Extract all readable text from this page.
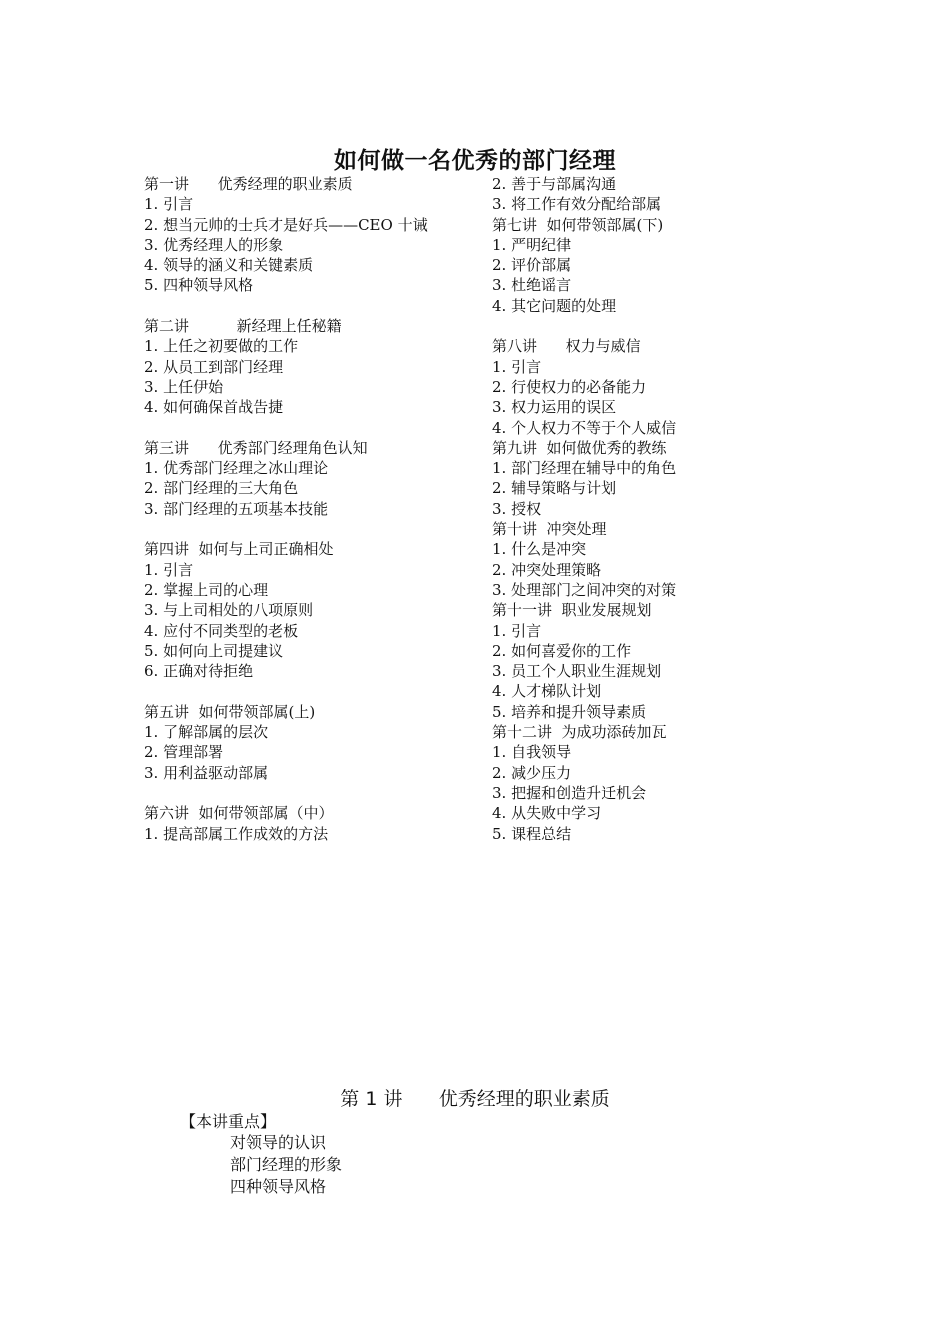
如何做一名优秀的部门经理
第一讲      优秀经理的职业素质
1. 引言
2. 想当元帅的士兵才是好兵——CEO 十诫
3. 优秀经理人的形象
4. 领导的涵义和关键素质
5. 四种领导风格
第二讲          新经理上任秘籍
1. 上任之初要做的工作
2. 从员工到部门经理
3. 上任伊始
4. 如何确保首战告捷
第三讲      优秀部门经理角色认知
1. 优秀部门经理之冰山理论
2. 部门经理的三大角色
3. 部门经理的五项基本技能
第四讲  如何与上司正确相处
1. 引言
2. 掌握上司的心理
3. 与上司相处的八项原则
4. 应付不同类型的老板
5. 如何向上司提建议
6. 正确对待拒绝
第五讲  如何带领部属(上)
1. 了解部属的层次
2. 管理部署
3. 用利益驱动部属
第六讲  如何带领部属（中）
1. 提高部属工作成效的方法
2. 善于与部属沟通
3. 将工作有效分配给部属
第七讲  如何带领部属(下)
1. 严明纪律
2. 评价部属
3. 杜绝谣言
4. 其它问题的处理
第八讲      权力与威信
1. 引言
2. 行使权力的必备能力
3. 权力运用的误区
4. 个人权力不等于个人威信
第九讲  如何做优秀的教练
1. 部门经理在辅导中的角色
2. 辅导策略与计划
3. 授权
第十讲  冲突处理
1. 什么是冲突
2. 冲突处理策略
3. 处理部门之间冲突的对策
第十一讲  职业发展规划
1. 引言
2. 如何喜爱你的工作
3. 员工个人职业生涯规划
4. 人才梯队计划
5. 培养和提升领导素质
第十二讲  为成功添砖加瓦
1. 自我领导
2. 减少压力
3. 把握和创造升迁机会
4. 从失败中学习
5. 课程总结
第 1 讲      优秀经理的职业素质
【本讲重点】
对领导的认识
部门经理的形象
四种领导风格
